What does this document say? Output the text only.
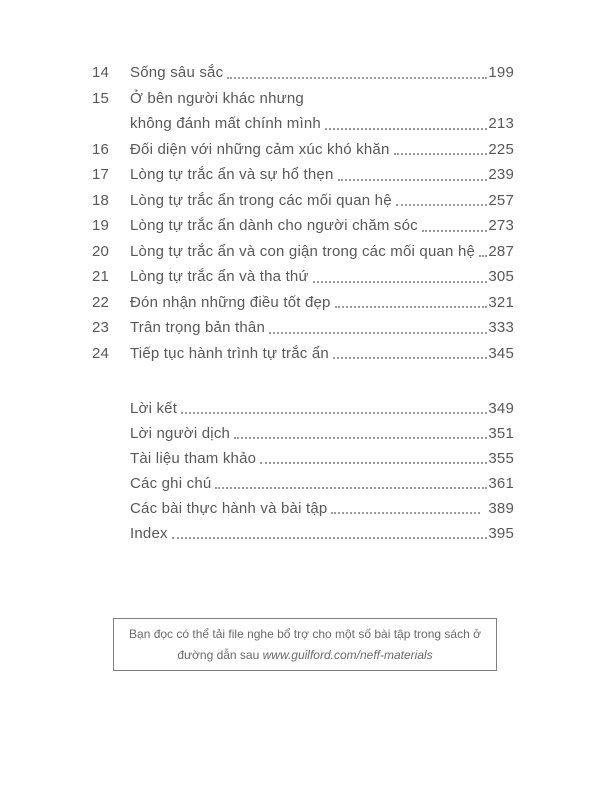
14	Sống sâu sắc	199
15	Ở bên người khác nhưng
không đánh mất chính mình	213
16	Đối diện với những cảm xúc khó khăn	225
17	Lòng tự trắc ẩn và sự hổ thẹn	239
18	Lòng tự trắc ẩn trong các mối quan hệ	257
19	Lòng tự trắc ẩn dành cho người chăm sóc	273
20	Lòng tự trắc ẩn và con giận trong các mối quan hệ 287
21	Lòng tự trắc ẩn và tha thứ	305
22	Đón nhận những điều tốt đẹp	321
23	Trân trọng bản thân	333
24	Tiếp tục hành trình tự trắc ẩn	345
Lời kết	349
Lời người dịch	351
Tài liệu tham khảo	355
Các ghi chú	361
Các bài thực hành và bài tập	389
Index	395
Bạn đọc có thể tải file nghe bổ trợ cho một số bài tập trong sách ở
đường dẫn sau www.guilford.com/neff-materials
